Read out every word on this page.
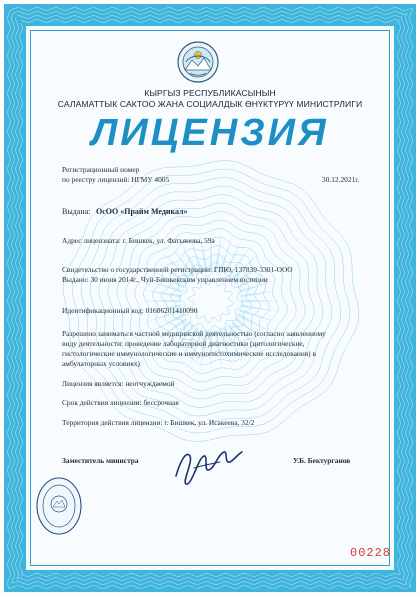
КЫРГЫЗ РЕСПУБЛИКАСЫНЫН
САЛАМАТТЫК САКТОО ЖАНА СОЦИАЛДЫК ӨНҮКТҮРҮҮ МИНИСТРЛИГИ
ЛИЦЕНЗИЯ
Регистрационный номер
по реестру лицензий: НГМУ 4005	30.12.2021г.
Выдана: ОсОО «Прайм Медикал»
Адрес лицензиата: г. Бишкек, ул. Фатьянова, 59а
Свидетельство о государственной регистрации: ГПЮ, 137839-3301-ООО
Выдано: 30 июня 2014г., Чуй-Бишкекским управлением юстиции
Идентификационный код: 01606201410090
Разрешено заниматься частной медицинской деятельностью (согласно заявленному
виду деятельности: проведение лабораторной диагностики (цитологические,
гистологические иммунологические и иммуногистохимические исследования) в
амбулаторных условиях)
Лицензия является: неотчуждаемой
Срок действия лицензии: бессрочная
Территория действия лицензии: г. Бишкек, ул. Исакеева, 32/2
Заместитель министра	У.Б. Бектурганов
00228
